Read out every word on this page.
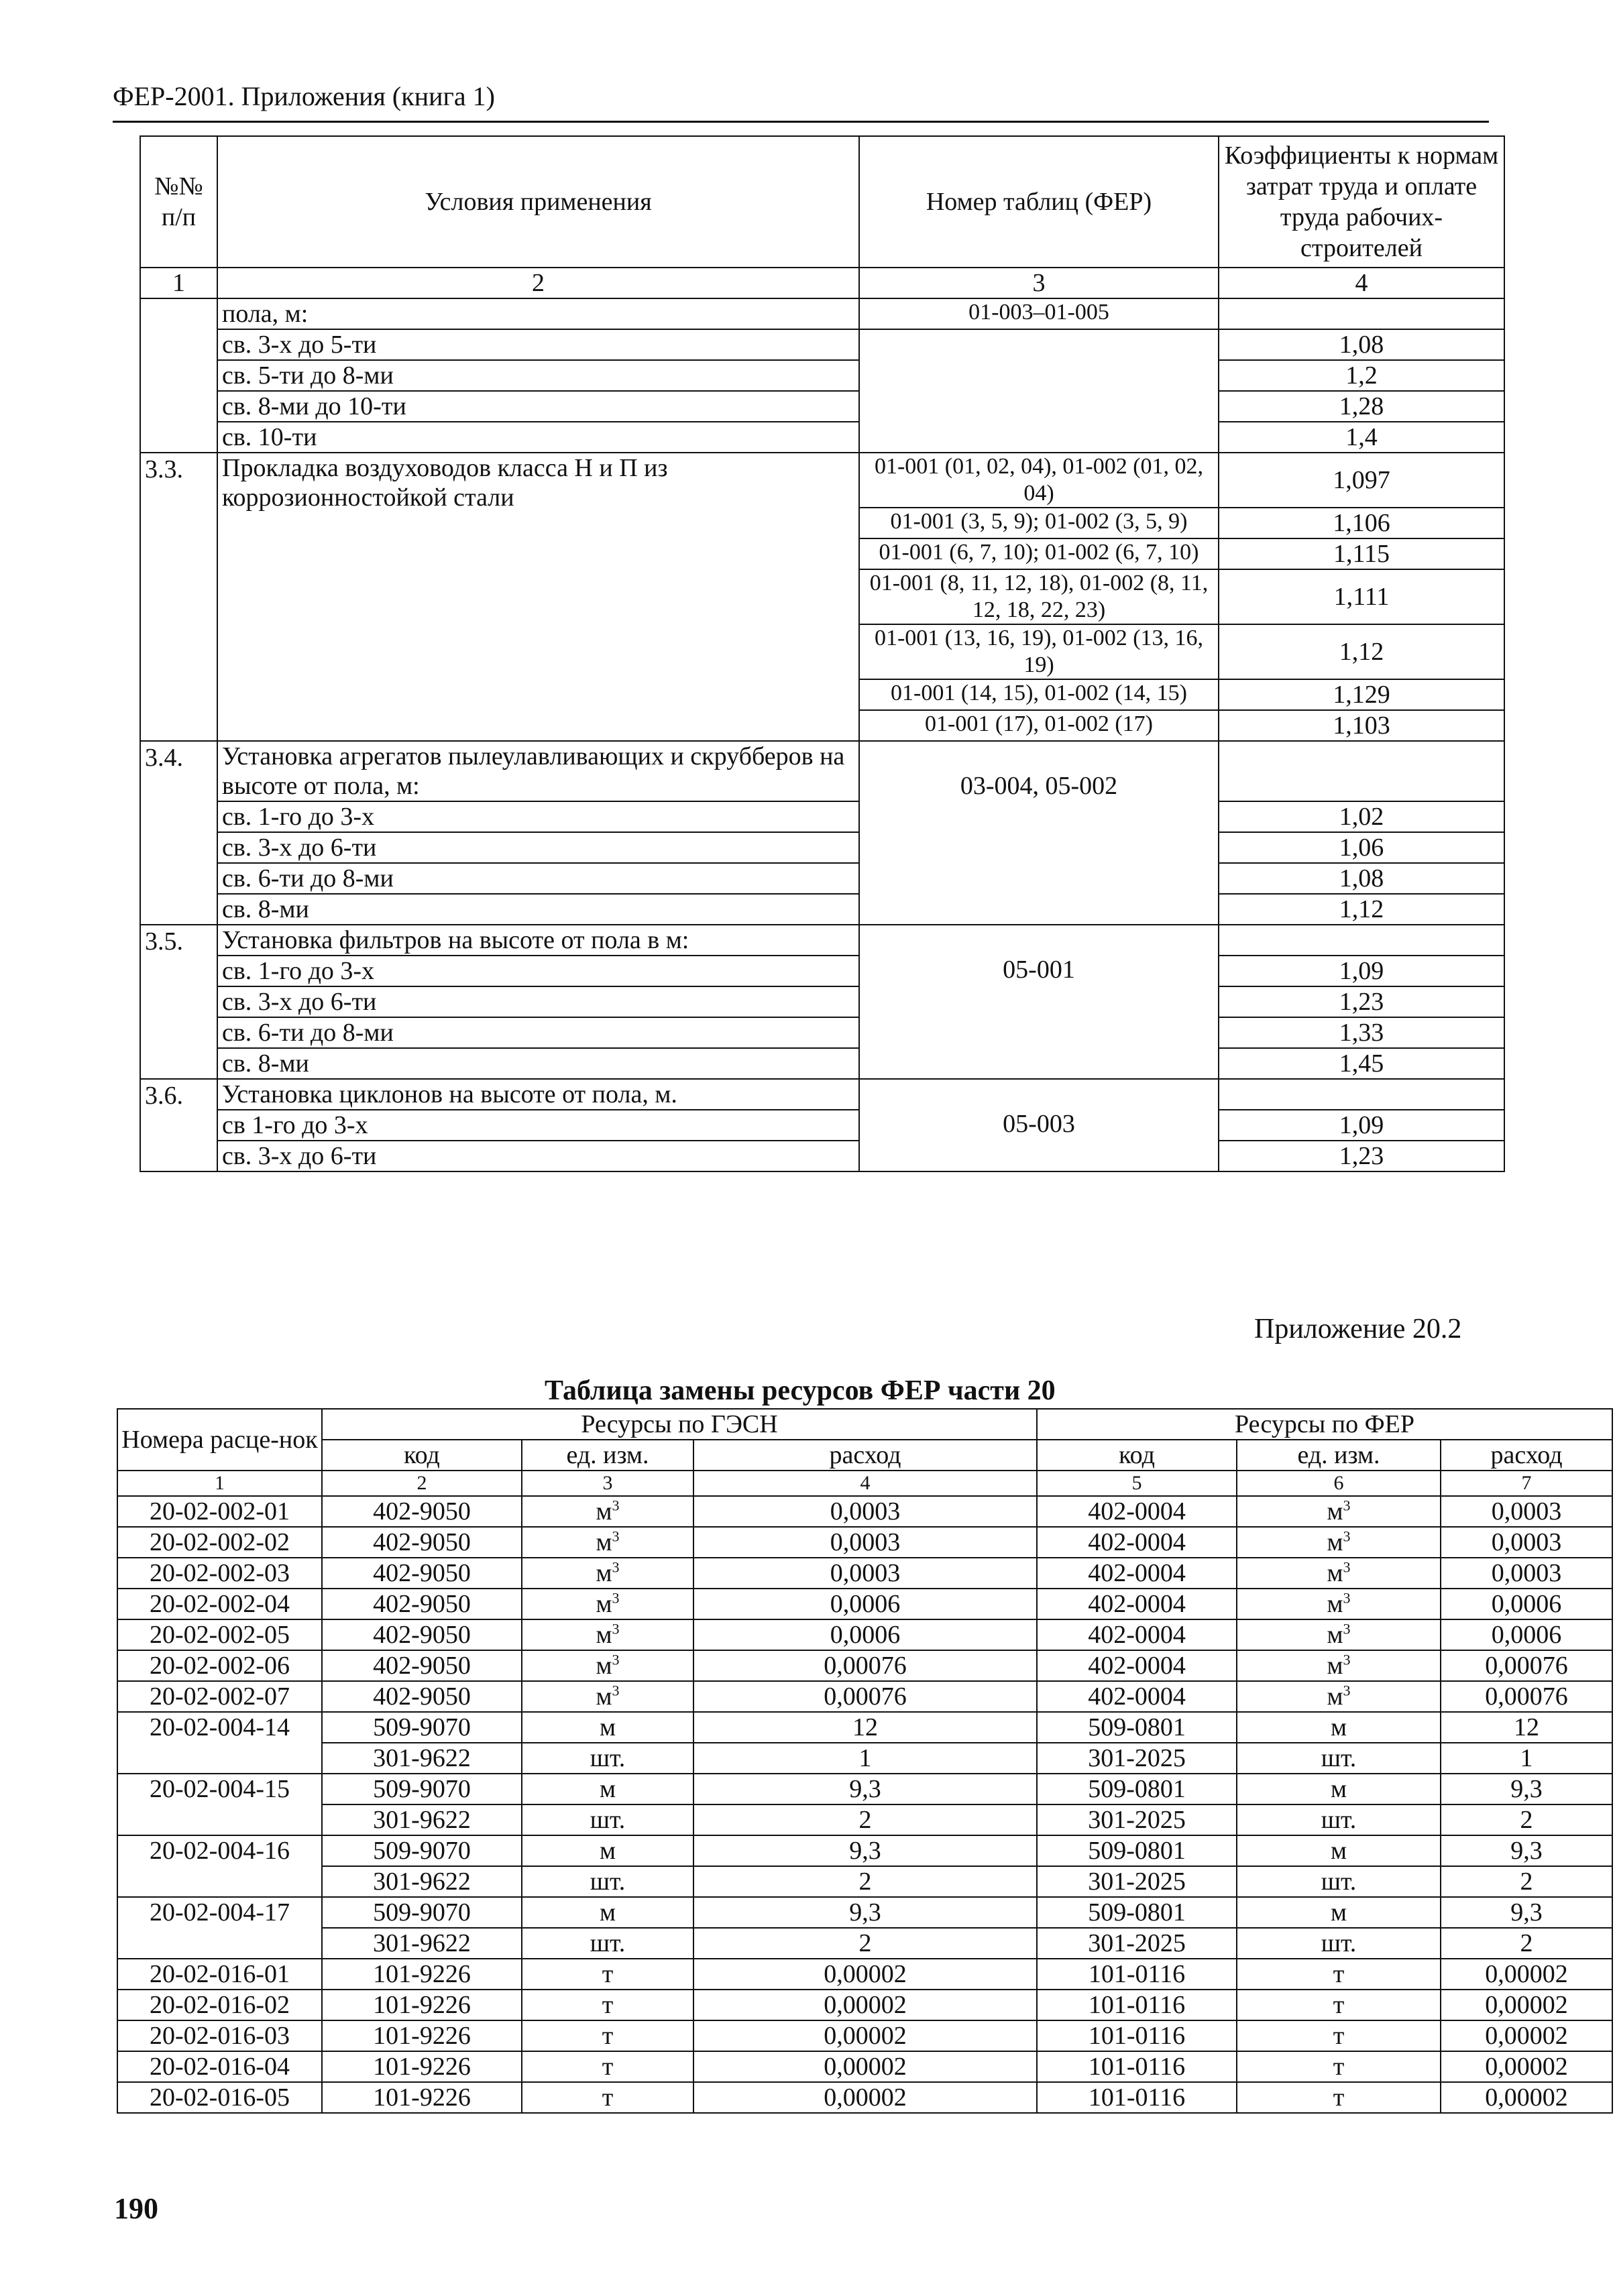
ФЕР-2001. Приложения (книга 1)
№№ п/п	Условия применения	Номер таблиц (ФЕР)	Коэффициенты к нормам затрат труда и оплате труда рабочих-строителей
1	2	3	4
	пола, м:	01-003–01-005	
	св. 3-х до 5-ти		1,08
	св. 5-ти до 8-ми		1,2
	св. 8-ми до 10-ти		1,28
	св. 10-ти		1,4
3.3.	Прокладка воздуховодов класса Н и П из коррозионностойкой стали	01-001 (01, 02, 04), 01-002 (01, 02, 04)	1,097
		01-001 (3, 5, 9); 01-002 (3, 5, 9)	1,106
		01-001 (6, 7, 10); 01-002 (6, 7, 10)	1,115
		01-001 (8, 11, 12, 18), 01-002 (8, 11, 12, 18, 22, 23)	1,111
		01-001 (13, 16, 19), 01-002 (13, 16, 19)	1,12
		01-001 (14, 15), 01-002 (14, 15)	1,129
		01-001 (17), 01-002 (17)	1,103
3.4.	Установка агрегатов пылеулавливающих и скрубберов на высоте от пола, м:	03-004, 05-002	
	св. 1-го до 3-х		1,02
	св. 3-х до 6-ти		1,06
	св. 6-ти до 8-ми		1,08
	св. 8-ми		1,12
3.5.	Установка фильтров на высоте от пола в м:	05-001	
	св. 1-го до 3-х		1,09
	св. 3-х до 6-ти		1,23
	св. 6-ти до 8-ми		1,33
	св. 8-ми		1,45
3.6.	Установка циклонов на высоте от пола, м.	05-003	
	св 1-го до 3-х		1,09
	св. 3-х до 6-ти		1,23
Приложение 20.2
Таблица замены ресурсов ФЕР части 20
Номера расце-нок	Ресурсы по ГЭСН			Ресурсы по ФЕР		
	код	ед. изм.	расход	код	ед. изм.	расход
1	2	3	4	5	6	7
20-02-002-01	402-9050	$м^3$	0,0003	402-0004	$м^3$	0,0003
20-02-002-02	402-9050	$м^3$	0,0003	402-0004	$м^3$	0,0003
20-02-002-03	402-9050	$м^3$	0,0003	402-0004	$м^3$	0,0003
20-02-002-04	402-9050	$м^3$	0,0006	402-0004	$м^3$	0,0006
20-02-002-05	402-9050	$м^3$	0,0006	402-0004	$м^3$	0,0006
20-02-002-06	402-9050	$м^3$	0,00076	402-0004	$м^3$	0,00076
20-02-002-07	402-9050	$м^3$	0,00076	402-0004	$м^3$	0,00076
20-02-004-14	509-9070	м	12	509-0801	м	12
	301-9622	шт.	1	301-2025	шт.	1
20-02-004-15	509-9070	м	9,3	509-0801	м	9,3
	301-9622	шт.	2	301-2025	шт.	2
20-02-004-16	509-9070	м	9,3	509-0801	м	9,3
	301-9622	шт.	2	301-2025	шт.	2
20-02-004-17	509-9070	м	9,3	509-0801	м	9,3
	301-9622	шт.	2	301-2025	шт.	2
20-02-016-01	101-9226	т	0,00002	101-0116	т	0,00002
20-02-016-02	101-9226	т	0,00002	101-0116	т	0,00002
20-02-016-03	101-9226	т	0,00002	101-0116	т	0,00002
20-02-016-04	101-9226	т	0,00002	101-0116	т	0,00002
20-02-016-05	101-9226	т	0,00002	101-0116	т	0,00002
190
